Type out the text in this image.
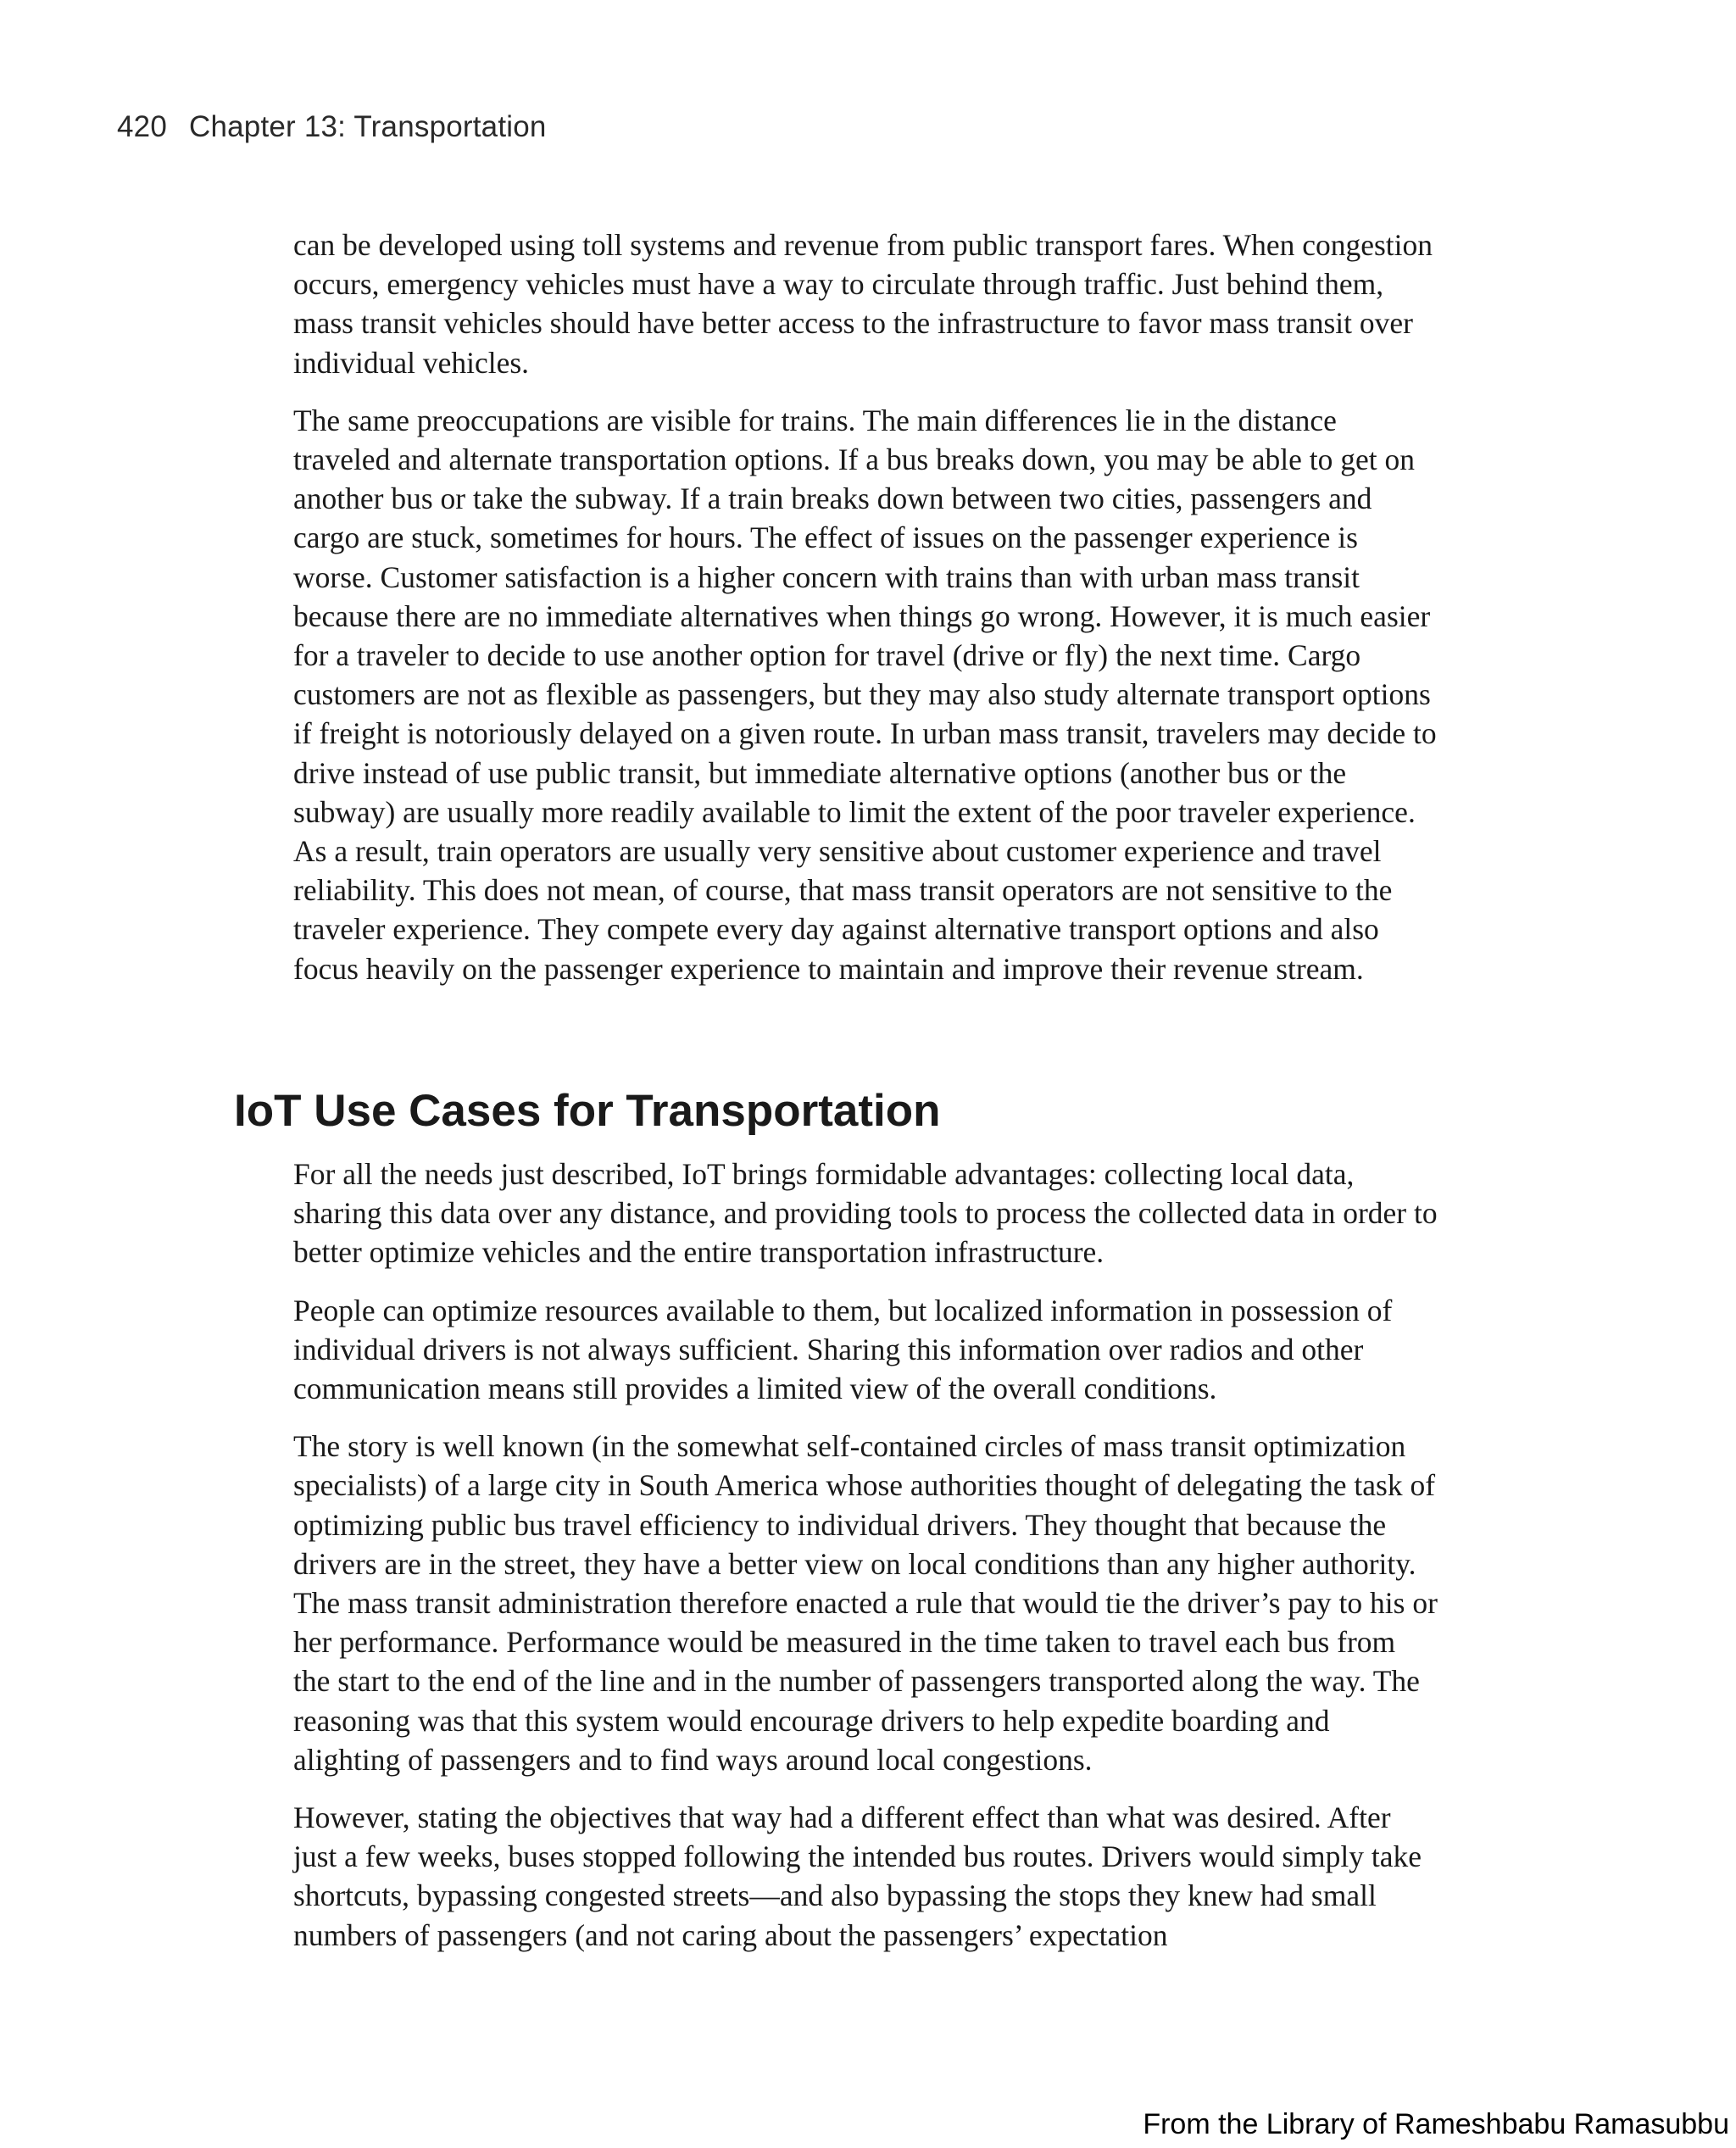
420 Chapter 13: Transportation

can be developed using toll systems and revenue from public transport fares. When congestion occurs, emergency vehicles must have a way to circulate through traffic. Just behind them, mass transit vehicles should have better access to the infrastructure to favor mass transit over individual vehicles.

The same preoccupations are visible for trains. The main differences lie in the distance traveled and alternate transportation options. If a bus breaks down, you may be able to get on another bus or take the subway. If a train breaks down between two cities, passengers and cargo are stuck, sometimes for hours. The effect of issues on the passenger experience is worse. Customer satisfaction is a higher concern with trains than with urban mass transit because there are no immediate alternatives when things go wrong. However, it is much easier for a traveler to decide to use another option for travel (drive or fly) the next time. Cargo customers are not as flexible as passengers, but they may also study alternate transport options if freight is notoriously delayed on a given route. In urban mass transit, travelers may decide to drive instead of use public transit, but immediate alternative options (another bus or the subway) are usually more readily available to limit the extent of the poor traveler experience. As a result, train operators are usually very sensitive about customer experience and travel reliability. This does not mean, of course, that mass transit operators are not sensitive to the traveler experience. They compete every day against alternative transport options and also focus heavily on the passenger experience to maintain and improve their revenue stream.

IoT Use Cases for Transportation

For all the needs just described, IoT brings formidable advantages: collecting local data, sharing this data over any distance, and providing tools to process the collected data in order to better optimize vehicles and the entire transportation infrastructure.

People can optimize resources available to them, but localized information in possession of individual drivers is not always sufficient. Sharing this information over radios and other communication means still provides a limited view of the overall conditions.

The story is well known (in the somewhat self-contained circles of mass transit optimization specialists) of a large city in South America whose authorities thought of delegating the task of optimizing public bus travel efficiency to individual drivers. They thought that because the drivers are in the street, they have a better view on local conditions than any higher authority. The mass transit administration therefore enacted a rule that would tie the driver’s pay to his or her performance. Performance would be measured in the time taken to travel each bus from the start to the end of the line and in the number of passengers transported along the way. The reasoning was that this system would encourage drivers to help expedite boarding and alighting of passengers and to find ways around local congestions.

However, stating the objectives that way had a different effect than what was desired. After just a few weeks, buses stopped following the intended bus routes. Drivers would simply take shortcuts, bypassing congested streets—and also bypassing the stops they knew had small numbers of passengers (and not caring about the passengers’ expectation

From the Library of Rameshbabu Ramasubbu
